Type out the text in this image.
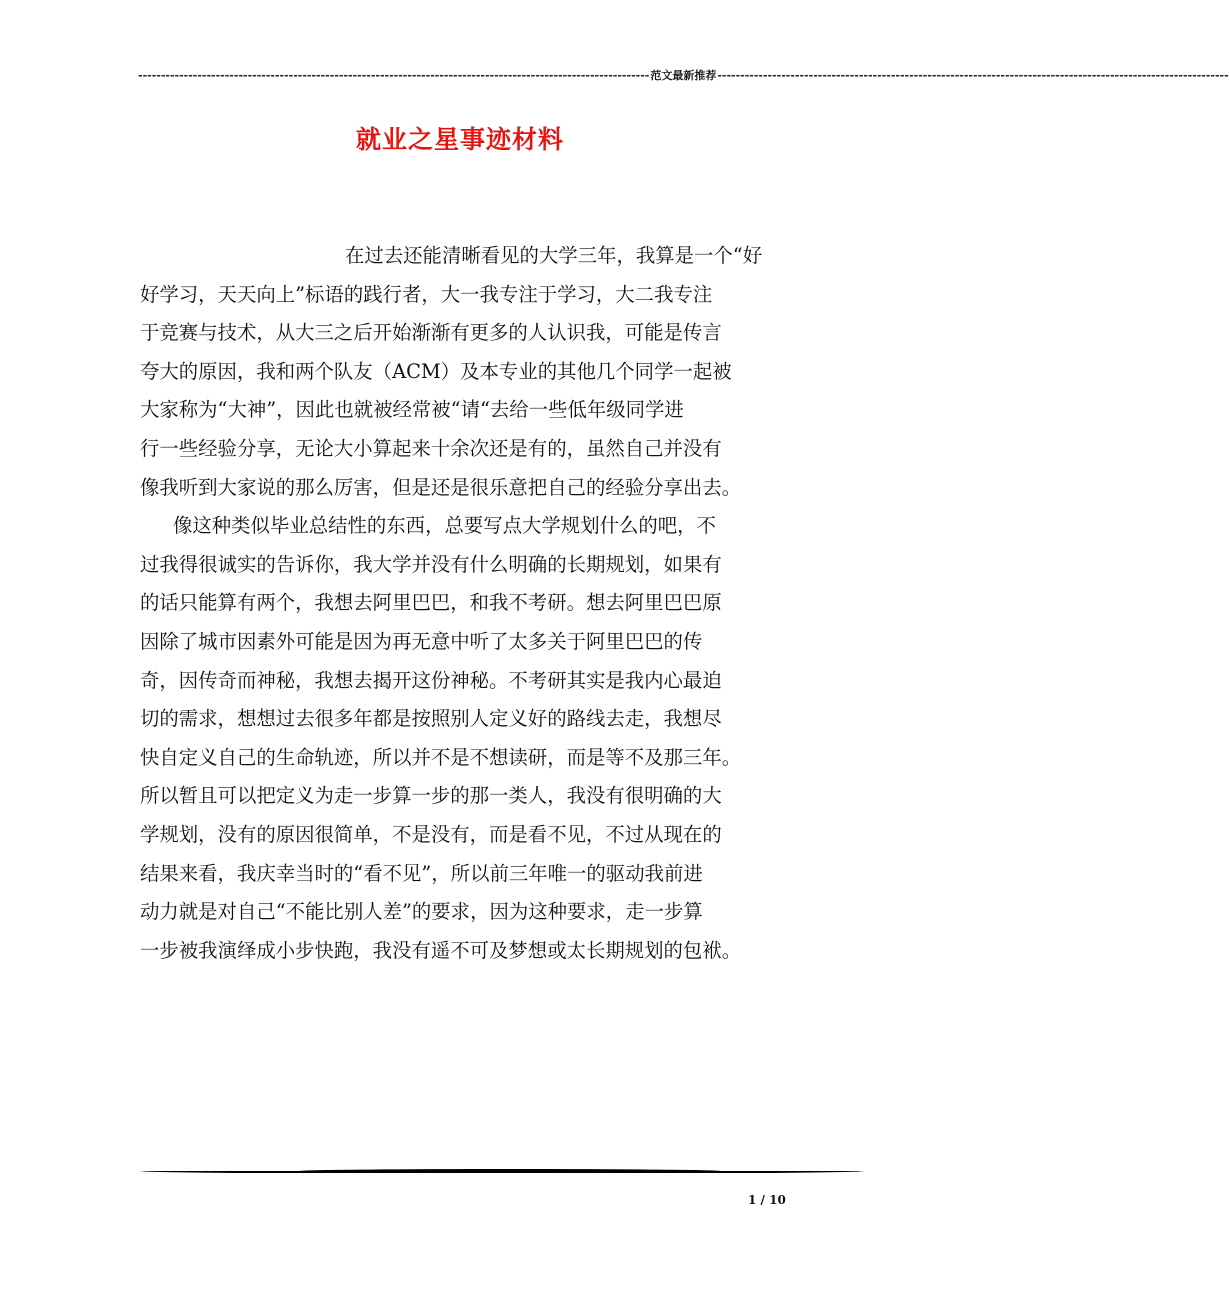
---------------------------------------------------------------------------------------------------------------- 范文最新推荐 ----------------------------------------------------------------------------------------------------------------
就业之星事迹材料

在过去还能清晰看见的大学三年，我算是一个“好
好学习，天天向上”标语的践行者，大一我专注于学习，大二我专注
于竞赛与技术，从大三之后开始渐渐有更多的人认识我，可能是传言
夸大的原因，我和两个队友（ACM）及本专业的其他几个同学一起被
大家称为“大神”，因此也就被经常被“请“去给一些低年级同学进
行一些经验分享，无论大小算起来十余次还是有的，虽然自己并没有
像我听到大家说的那么厉害，但是还是很乐意把自己的经验分享出去。

像这种类似毕业总结性的东西，总要写点大学规划什么的吧，不
过我得很诚实的告诉你，我大学并没有什么明确的长期规划，如果有
的话只能算有两个，我想去阿里巴巴，和我不考研。想去阿里巴巴原
因除了城市因素外可能是因为再无意中听了太多关于阿里巴巴的传
奇，因传奇而神秘，我想去揭开这份神秘。不考研其实是我内心最迫
切的需求，想想过去很多年都是按照别人定义好的路线去走，我想尽
快自定义自己的生命轨迹，所以并不是不想读研，而是等不及那三年。
所以暂且可以把定义为走一步算一步的那一类人，我没有很明确的大
学规划，没有的原因很简单，不是没有，而是看不见，不过从现在的
结果来看，我庆幸当时的“看不见”，所以前三年唯一的驱动我前进
动力就是对自己“不能比别人差”的要求，因为这种要求，走一步算
一步被我演绎成小步快跑，我没有遥不可及梦想或太长期规划的包袱。

1 / 10
